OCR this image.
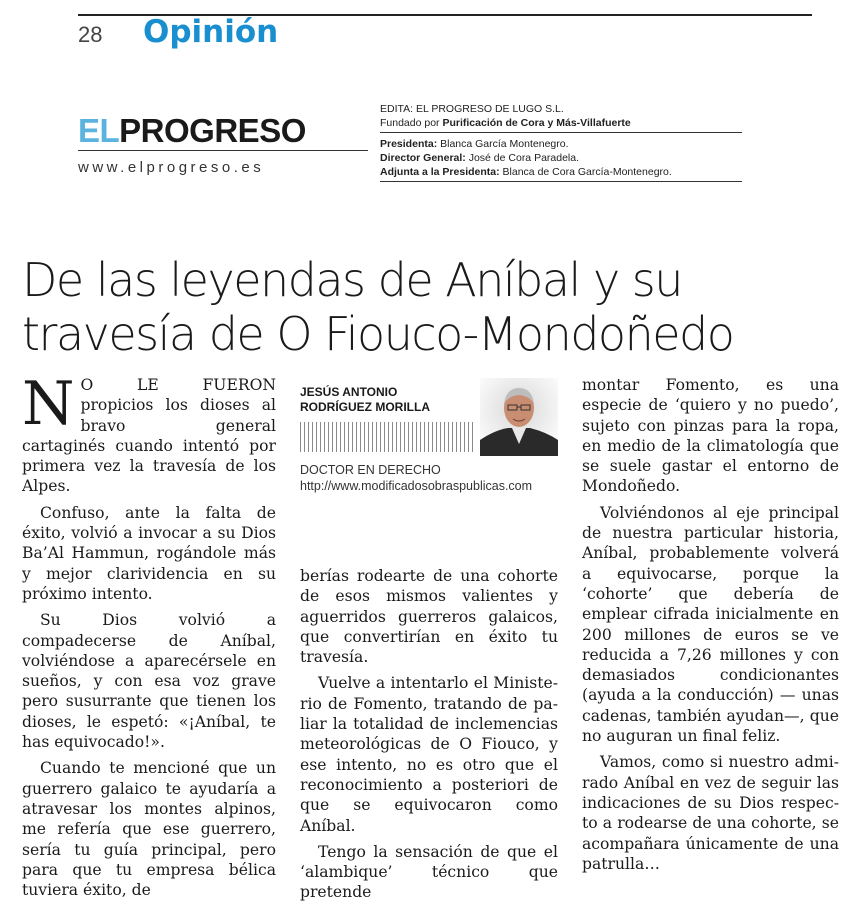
28 Opinión
ELPROGRESO
www.elprogreso.es
EDITA: EL PROGRESO DE LUGO S.L.
Fundado por Purificación de Cora y Más-Villafuerte
Presidenta: Blanca García Montenegro.
Director General: José de Cora Paradela.
Adjunta a la Presidenta: Blanca de Cora García-Montenegro.
De las leyendas de Aníbal y su travesía de O Fiouco-Mondoñedo

N O LE FUERON propicios los dioses al bravo general cartaginés cuando intentó por primera vez la travesía de los Alpes.

Confuso, ante la falta de éxito, volvió a invocar a su Dios Ba’Al Hammun, rogándole más y mejor clarividencia en su próximo intento.

Su Dios volvió a compadecerse de Aníbal, volviéndose a aparecérsele en sueños, y con esa voz grave pero susurrante que tienen los dioses, le espetó: «¡Aníbal, te has equivocado!».

Cuando te mencioné que un guerrero galaico te ayudaría a atravesar los montes alpinos, me refería que ese guerrero, sería tu guía principal, pero para que tu empresa bélica tuviera éxito, de

JESÚS ANTONIO
RODRÍGUEZ MORILLA
DOCTOR EN DERECHO
http://www.modificadosobraspublicas.com

berías rodearte de una cohorte de esos mismos valientes y aguerridos guerreros galaicos, que convertirían en éxito tu travesía.

Vuelve a intentarlo el Ministerio de Fomento, tratando de paliar la totalidad de inclemencias meteorológicas de O Fiouco, y ese intento, no es otro que el reconocimiento a posteriori de que se equivocaron como Aníbal.

Tengo la sensación de que el ‘alambique’ técnico que pretende

montar Fomento, es una especie de ‘quiero y no puedo’, sujeto con pinzas para la ropa, en medio de la climatología que se suele gastar el entorno de Mondoñedo.

Volviéndonos al eje principal de nuestra particular historia, Aníbal, probablemente volverá a equivocarse, porque la ‘cohorte’ que debería de emplear cifrada inicialmente en 200 millones de euros se ve reducida a 7,26 millones y con demasiados condicionantes (ayuda a la conducción) — unas cadenas, también ayudan—, que no auguran un final feliz.

Vamos, como si nuestro admirado Aníbal en vez de seguir las indicaciones de su Dios respecto a rodearse de una cohorte, se acompañara únicamente de una patrulla…
